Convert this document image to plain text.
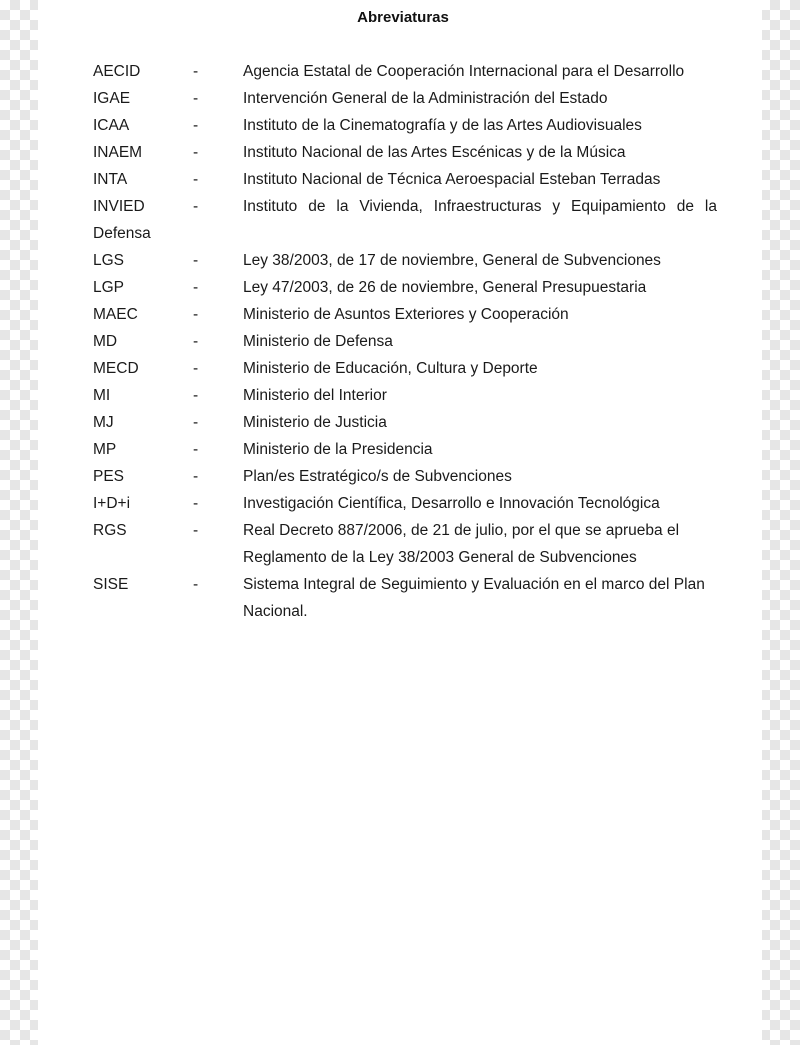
Abreviaturas
AECID	-	Agencia Estatal de Cooperación Internacional para el Desarrollo
IGAE	-	Intervención General de la Administración del Estado
ICAA	-	Instituto de la Cinematografía y de las Artes Audiovisuales
INAEM	-	Instituto Nacional de las Artes Escénicas y de la Música
INTA	-	Instituto Nacional de Técnica Aeroespacial Esteban Terradas
INVIED	-	Instituto de la Vivienda, Infraestructuras y Equipamiento de la
Defensa
LGS	-	Ley 38/2003, de 17 de noviembre, General de Subvenciones
LGP	-	Ley 47/2003, de 26 de noviembre, General Presupuestaria
MAEC	-	Ministerio de Asuntos Exteriores y Cooperación
MD	-	Ministerio de Defensa
MECD	-	Ministerio de Educación, Cultura y Deporte
MI	-	Ministerio del Interior
MJ	-	Ministerio de Justicia
MP	-	Ministerio de la Presidencia
PES	-	Plan/es Estratégico/s de Subvenciones
I+D+i	-	Investigación Científica, Desarrollo e Innovación Tecnológica
RGS	-	Real Decreto 887/2006, de 21 de julio, por el que se aprueba el Reglamento de la Ley 38/2003 General de Subvenciones
SISE	-	Sistema Integral de Seguimiento y Evaluación en el marco del Plan Nacional.
